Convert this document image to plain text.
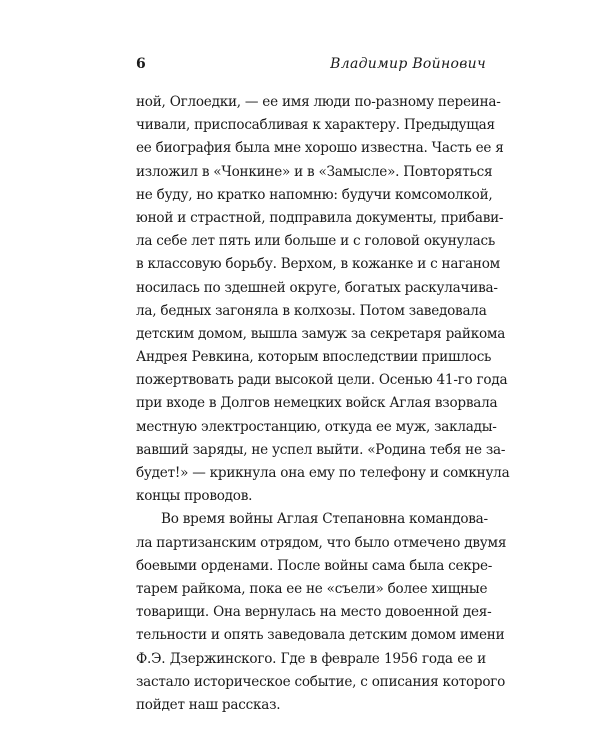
6	Владимир Войнович
ной, Оглоедки, — ее имя люди по-разному переина-
чивали, приспосабливая к характеру. Предыдущая
ее биография была мне хорошо известна. Часть ее я
изложил в «Чонкине» и в «Замысле». Повторяться
не буду, но кратко напомню: будучи комсомолкой,
юной и страстной, подправила документы, прибави-
ла себе лет пять или больше и с головой окунулась
в классовую борьбу. Верхом, в кожанке и с наганом
носилась по здешней округе, богатых раскулачива-
ла, бедных загоняла в колхозы. Потом заведовала
детским домом, вышла замуж за секретаря райкома
Андрея Ревкина, которым впоследствии пришлось
пожертвовать ради высокой цели. Осенью 41-го года
при входе в Долгов немецких войск Аглая взорвала
местную электростанцию, откуда ее муж, заклады-
вавший заряды, не успел выйти. «Родина тебя не за-
будет!» — крикнула она ему по телефону и сомкнула
концы проводов.
Во время войны Аглая Степановна командова-
ла партизанским отрядом, что было отмечено двумя
боевыми орденами. После войны сама была секре-
тарем райкома, пока ее не «съели» более хищные
товарищи. Она вернулась на место довоенной дея-
тельности и опять заведовала детским домом имени
Ф.Э. Дзержинского. Где в феврале 1956 года ее и
застало историческое событие, с описания которого
пойдет наш рассказ.
